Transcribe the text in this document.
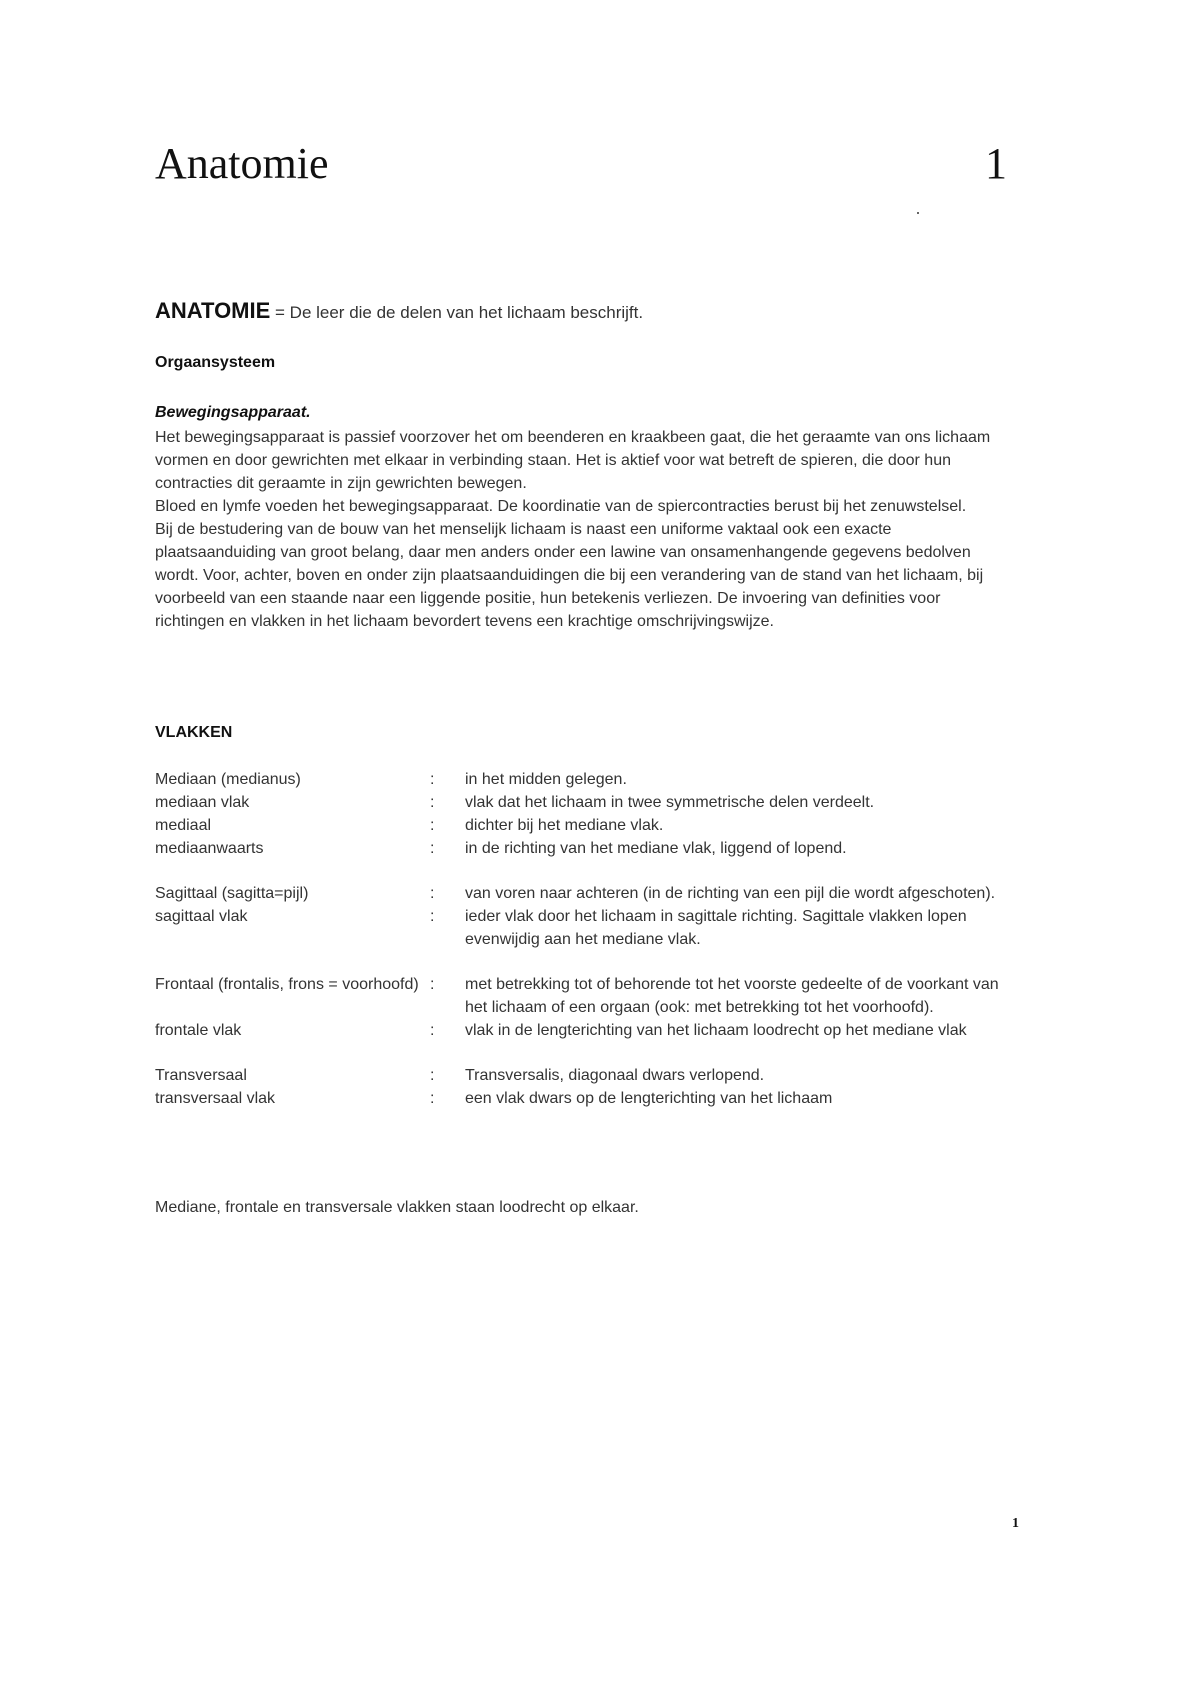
Anatomie	1
ANATOMIE = De leer die de delen van het lichaam beschrijft.
Orgaansysteem
Bewegingsapparaat.

Het bewegingsapparaat is passief voorzover het om beenderen en kraakbeen gaat, die het geraamte van ons lichaam vormen en door gewrichten met elkaar in verbinding staan. Het is aktief voor wat betreft de spieren, die door hun contracties dit geraamte in zijn gewrichten bewegen.

Bloed en lymfe voeden het bewegingsapparaat. De koordinatie van de spiercontracties berust bij het zenuwstelsel.

Bij de bestudering van de bouw van het menselijk lichaam is naast een uniforme vaktaal ook een exacte plaatsaanduiding van groot belang, daar men anders onder een lawine van onsamenhangende gegevens bedolven wordt. Voor, achter, boven en onder zijn plaatsaanduidingen die bij een verandering van de stand van het lichaam, bij voorbeeld van een staande naar een liggende positie, hun betekenis verliezen. De invoering van definities voor richtingen en vlakken in het lichaam bevordert tevens een krachtige omschrijvingswijze.

VLAKKEN
Mediaan (medianus)	:	in het midden gelegen.
mediaan vlak	:	vlak dat het lichaam in twee symmetrische delen verdeelt.
mediaal	:	dichter bij het mediane vlak.
mediaanwaarts	:	in de richting van het mediane vlak, liggend of lopend.
Sagittaal (sagitta=pijl)	:	van voren naar achteren (in de richting van een pijl die wordt afgeschoten).
sagittaal vlak	:	ieder vlak door het lichaam in sagittale richting. Sagittale vlakken lopen evenwijdig aan het mediane vlak.
Frontaal (frontalis, frons = voorhoofd) :	met betrekking tot of behorende tot het voorste gedeelte of de voorkant van het lichaam of een orgaan (ook: met betrekking tot het voorhoofd).
frontale vlak	:	vlak in de lengterichting van het lichaam loodrecht op het mediane vlak
Transversaal	:	Transversalis, diagonaal dwars verlopend.
transversaal vlak	:	een vlak dwars op de lengterichting van het lichaam
Mediane, frontale en transversale vlakken staan loodrecht op elkaar.
1
